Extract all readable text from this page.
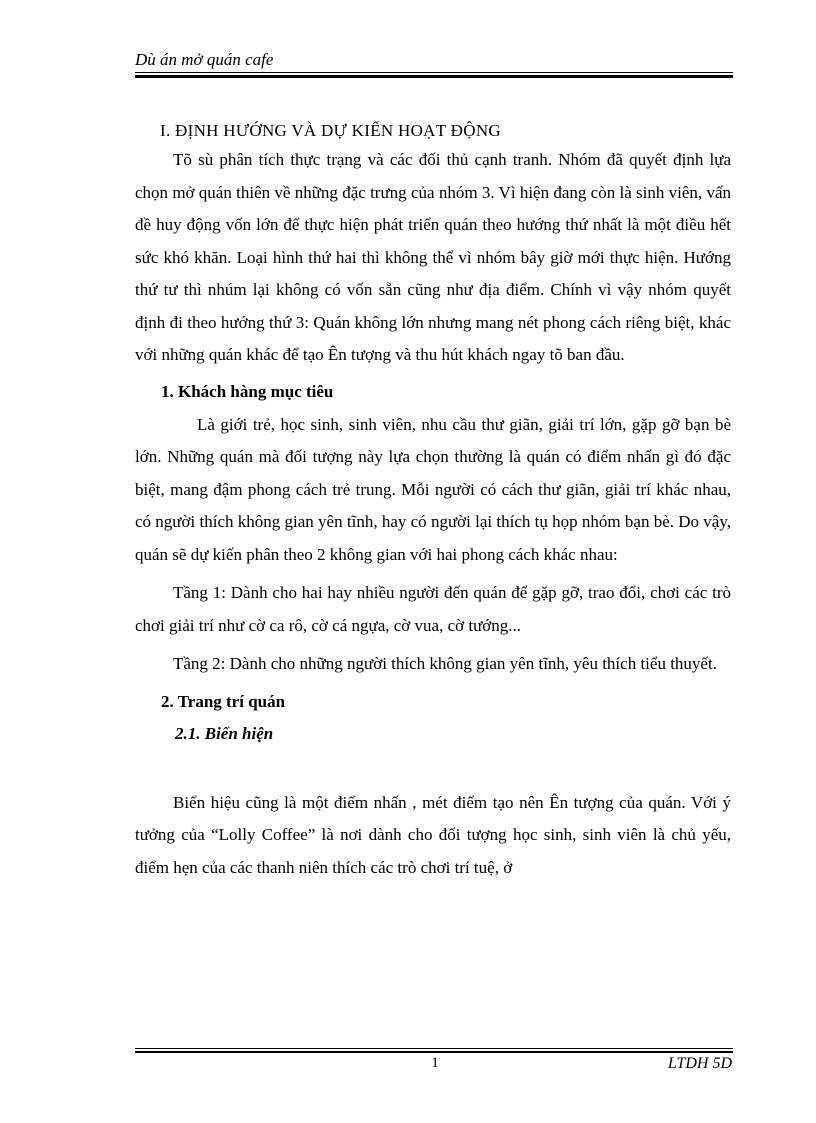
Dù án mở quán cafe

I. ĐỊNH HƯỚNG VÀ DỰ KIẾN HOẠT ĐỘNG

Tõ sù phân tích thực trạng và các đối thủ cạnh tranh. Nhóm đã quyết định lựa chọn mở quán thiên về những đặc trưng của nhóm 3. Vì hiện đang còn là sinh viên, vấn đề huy động vốn lớn để thực hiện phát triển quán theo hướng thứ nhất là một điều hết sức khó khăn. Loại hình thứ hai thì không thể vì nhóm bây giờ mới thực hiện. Hướng thứ tư thì nhúm lại không có vốn sẵn cũng như địa điểm. Chính vì vậy nhóm quyết định đi theo hướng thứ 3: Quán không lớn nhưng mang nét phong cách riêng biệt, khác với những quán khác để tạo Ên tượng và thu hút khách ngay tõ ban đầu.

1. Khách hàng mục tiêu

Là giới trẻ, học sinh, sinh viên, nhu cầu thư giãn, giải trí lớn, gặp gỡ bạn bè lớn. Những quán mà đối tượng này lựa chọn thường là quán có điểm nhấn gì đó đặc biệt, mang đậm phong cách trẻ trung. Mỗi người có cách thư giãn, giải trí khác nhau, có người thích không gian yên tĩnh, hay có người lại thích tụ họp nhóm bạn bè. Do vậy, quán sẽ dự kiến phân theo 2 không gian với hai phong cách khác nhau:

Tầng 1: Dành cho hai hay nhiều người đến quán để gặp gỡ, trao đổi, chơi các trò chơi giải trí như cờ ca rô, cờ cá ngựa, cờ vua, cờ tướng...

Tầng 2: Dành cho những người thích không gian yên tĩnh, yêu thích tiểu thuyết.

2. Trang trí quán

2.1. Biển hiện

Biển hiệu cũng là một điểm nhấn , mét điểm tạo nên Ên tượng của quán. Với ý tưởng của “Lolly Coffee” là nơi dành cho đối tượng học sinh, sinh viên là chủ yếu, điểm hẹn của các thanh niên thích các trò chơi trí tuệ, ở

1	LTDH 5D
